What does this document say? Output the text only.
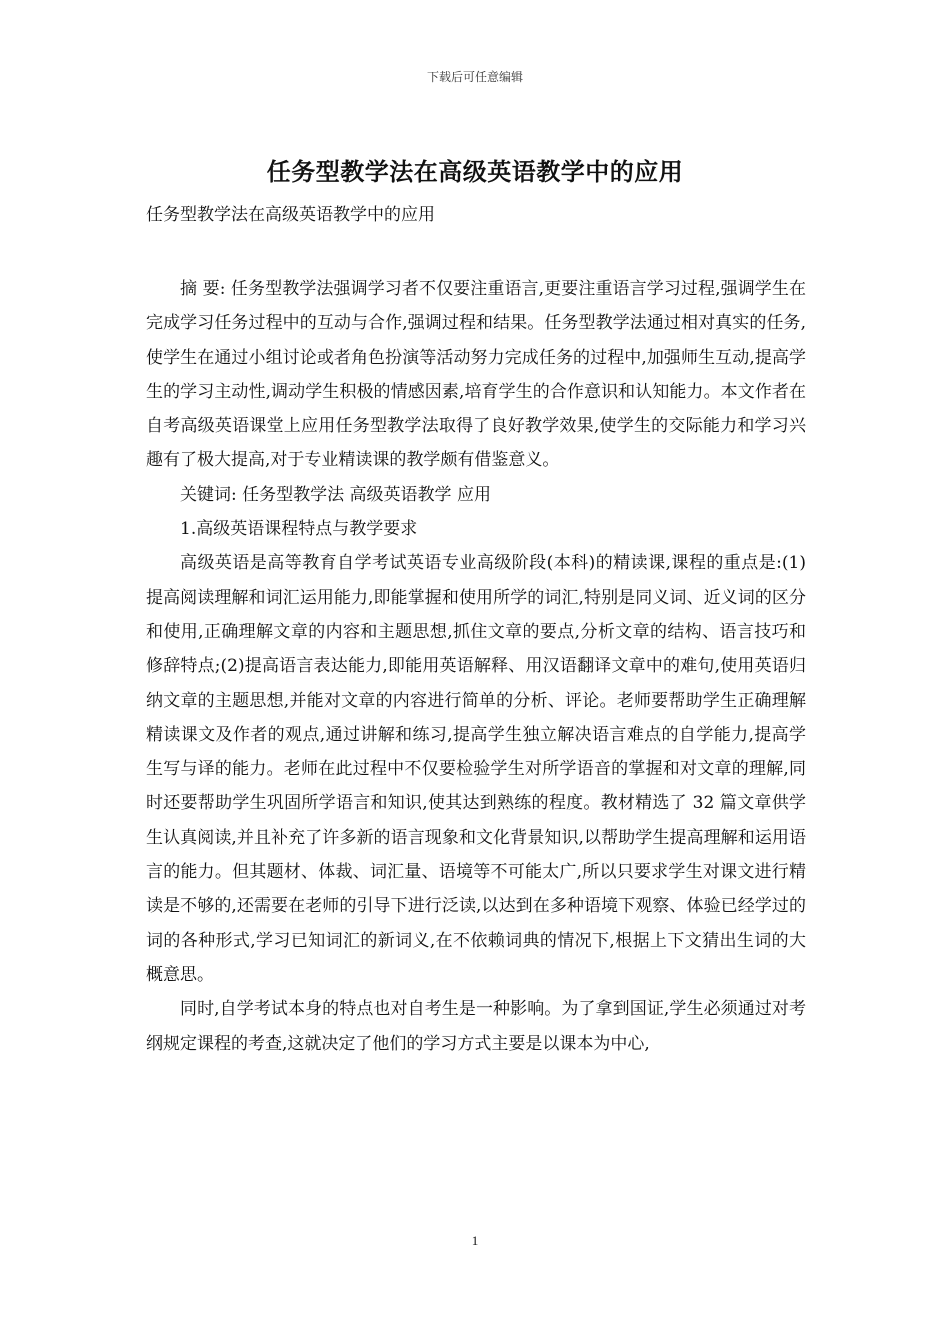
下载后可任意编辑
任务型教学法在高级英语教学中的应用
任务型教学法在高级英语教学中的应用

摘 要: 任务型教学法强调学习者不仅要注重语言,更要注重语言学习过程,强调学生在完成学习任务过程中的互动与合作,强调过程和结果。任务型教学法通过相对真实的任务,使学生在通过小组讨论或者角色扮演等活动努力完成任务的过程中,加强师生互动,提高学生的学习主动性,调动学生积极的情感因素,培育学生的合作意识和认知能力。本文作者在自考高级英语课堂上应用任务型教学法取得了良好教学效果,使学生的交际能力和学习兴趣有了极大提高,对于专业精读课的教学颇有借鉴意义。

关键词: 任务型教学法 高级英语教学 应用

1.高级英语课程特点与教学要求

高级英语是高等教育自学考试英语专业高级阶段(本科)的精读课,课程的重点是:(1)提高阅读理解和词汇运用能力,即能掌握和使用所学的词汇,特别是同义词、近义词的区分和使用,正确理解文章的内容和主题思想,抓住文章的要点,分析文章的结构、语言技巧和修辞特点;(2)提高语言表达能力,即能用英语解释、用汉语翻译文章中的难句,使用英语归纳文章的主题思想,并能对文章的内容进行简单的分析、评论。老师要帮助学生正确理解精读课文及作者的观点,通过讲解和练习,提高学生独立解决语言难点的自学能力,提高学生写与译的能力。老师在此过程中不仅要检验学生对所学语音的掌握和对文章的理解,同时还要帮助学生巩固所学语言和知识,使其达到熟练的程度。教材精选了 32 篇文章供学生认真阅读,并且补充了许多新的语言现象和文化背景知识,以帮助学生提高理解和运用语言的能力。但其题材、体裁、词汇量、语境等不可能太广,所以只要求学生对课文进行精读是不够的,还需要在老师的引导下进行泛读,以达到在多种语境下观察、体验已经学过的词的各种形式,学习已知词汇的新词义,在不依赖词典的情况下,根据上下文猜出生词的大概意思。

同时,自学考试本身的特点也对自考生是一种影响。为了拿到国证,学生必须通过对考纲规定课程的考查,这就决定了他们的学习方式主要是以课本为中心,

1
